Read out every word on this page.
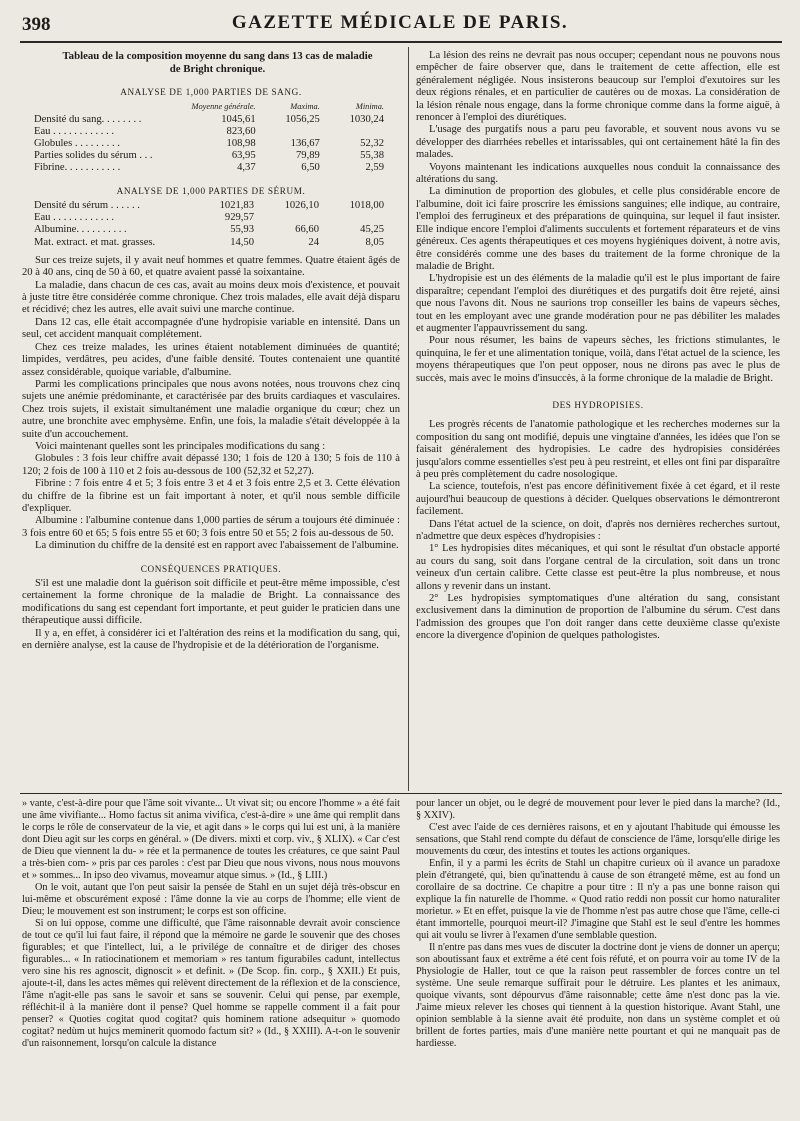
398	GAZETTE MÉDICALE DE PARIS.

Tableau de la composition moyenne du sang dans 13 cas de maladie

de Bright chronique.

ANALYSE DE 1,000 PARTIES DE SANG.
	Moyenne générale.	Maxima.	Minima.
Densité du sang. . . . . . . .	1045,61	1056,25	1030,24
Eau . . . . . . . . . . . .	823,60		
Globules . . . . . . . . .	108,98	136,67	52,32
Parties solides du sérum . . .	63,95	79,89	55,38
Fibrine. . . . . . . . . . .	4,37	6,50	2,59
ANALYSE DE 1,000 PARTIES DE SÉRUM.
Densité du sérum . . . . . .	1021,83	1026,10	1018,00
Eau . . . . . . . . . . . .	929,57		
Albumine. . . . . . . . . .	55,93	66,60	45,25
Mat. extract. et mat. grasses.	14,50	24	8,05

Sur ces treize sujets, il y avait neuf hommes et quatre femmes. Quatre étaient âgés de 20 à 40 ans, cinq de 50 à 60, et quatre avaient passé la soixantaine.

La maladie, dans chacun de ces cas, avait au moins deux mois d'existence, et pouvait à juste titre être considérée comme chronique. Chez trois malades, elle avait déjà disparu et récidivé; chez les autres, elle avait suivi une marche continue.

Dans 12 cas, elle était accompagnée d'une hydropisie variable en intensité. Dans un seul, cet accident manquait complétement.

Chez ces treize malades, les urines étaient notablement diminuées de quantité; limpides, verdâtres, peu acides, d'une faible densité. Toutes contenaient une quantité assez considérable, quoique variable, d'albumine.

Parmi les complications principales que nous avons notées, nous trouvons chez cinq sujets une anémie prédominante, et caractérisée par des bruits cardiaques et vasculaires. Chez trois sujets, il existait simultanément une maladie organique du cœur; chez un autre, une bronchite avec emphysème. Enfin, une fois, la maladie s'était développée à la suite d'un accouchement.

Voici maintenant quelles sont les principales modifications du sang :

Globules : 3 fois leur chiffre avait dépassé 130; 1 fois de 120 à 130; 5 fois de 110 à 120; 2 fois de 100 à 110 et 2 fois au-dessous de 100 (52,32 et 52,27).

Fibrine : 7 fois entre 4 et 5; 3 fois entre 3 et 4 et 3 fois entre 2,5 et 3. Cette élévation du chiffre de la fibrine est un fait important à noter, et qu'il nous semble difficile d'expliquer.

Albumine : l'albumine contenue dans 1,000 parties de sérum a toujours été diminuée : 3 fois entre 60 et 65; 5 fois entre 55 et 60; 3 fois entre 50 et 55; 2 fois au-dessous de 50.

La diminution du chiffre de la densité est en rapport avec l'abaissement de l'albumine.

CONSÉQUENCES PRATIQUES.

S'il est une maladie dont la guérison soit difficile et peut-être même impossible, c'est certainement la forme chronique de la maladie de Bright. La connaissance des modifications du sang est cependant fort importante, et peut guider le praticien dans une thérapeutique aussi difficile.

Il y a, en effet, à considérer ici et l'altération des reins et la modification du sang, qui, en dernière analyse, est la cause de l'hydropisie et de la détérioration de l'organisme.

La lésion des reins ne devrait pas nous occuper; cependant nous ne pouvons nous empêcher de faire observer que, dans le traitement de cette affection, elle est généralement négligée. Nous insisterons beaucoup sur l'emploi d'exutoires sur les deux régions rénales, et en particulier de cautères ou de moxas. La considération de la lésion rénale nous engage, dans la forme chronique comme dans la forme aiguë, à renoncer à l'emploi des diurétiques.

L'usage des purgatifs nous a paru peu favorable, et souvent nous avons vu se développer des diarrhées rebelles et intarissables, qui ont certainement hâté la fin des malades.

Voyons maintenant les indications auxquelles nous conduit la connaissance des altérations du sang.

La diminution de proportion des globules, et celle plus considérable encore de l'albumine, doit ici faire proscrire les émissions sanguines; elle indique, au contraire, l'emploi des ferrugineux et des préparations de quinquina, sur lequel il faut insister. Elle indique encore l'emploi d'aliments succulents et fortement réparateurs et de vins généreux. Ces agents thérapeutiques et ces moyens hygiéniques doivent, à notre avis, être considérés comme une des bases du traitement de la forme chronique de la maladie de Bright.

L'hydropisie est un des éléments de la maladie qu'il est le plus important de faire disparaître; cependant l'emploi des diurétiques et des purgatifs doit être rejeté, ainsi que nous l'avons dit. Nous ne saurions trop conseiller les bains de vapeurs sèches, tout en les employant avec une grande modération pour ne pas débiliter les malades et augmenter l'appauvrissement du sang.

Pour nous résumer, les bains de vapeurs sèches, les frictions stimulantes, le quinquina, le fer et une alimentation tonique, voilà, dans l'état actuel de la science, les moyens thérapeutiques que l'on peut opposer, nous ne dirons pas avec le plus de succès, mais avec le moins d'insuccès, à la forme chronique de la maladie de Bright.

DES HYDROPISIES.

Les progrès récents de l'anatomie pathologique et les recherches modernes sur la composition du sang ont modifié, depuis une vingtaine d'années, les idées que l'on se faisait généralement des hydropisies. Le cadre des hydropisies considérées jusqu'alors comme essentielles s'est peu à peu restreint, et elles ont fini par disparaître à peu près complètement du cadre nosologique.

La science, toutefois, n'est pas encore définitivement fixée à cet égard, et il reste aujourd'hui beaucoup de questions à décider. Quelques observations le démontreront facilement.

Dans l'état actuel de la science, on doit, d'après nos dernières recherches surtout, n'admettre que deux espèces d'hydropisies :

1° Les hydropisies dites mécaniques, et qui sont le résultat d'un obstacle apporté au cours du sang, soit dans l'organe central de la circulation, soit dans un tronc veineux d'un certain calibre. Cette classe est peut-être la plus nombreuse, et nous allons y revenir dans un instant.

2° Les hydropisies symptomatiques d'une altération du sang, consistant exclusivement dans la diminution de proportion de l'albumine du sérum. C'est dans l'admission des groupes que l'on doit ranger dans cette deuxième classe qu'existe encore la divergence d'opinion de quelques pathologistes.

» vante, c'est-à-dire pour que l'âme soit vivante... Ut vivat sit; ou encore l'homme » a été fait une âme vivifiante... Homo factus sit anima vivifica, c'est-à-dire » une âme qui remplit dans le corps le rôle de conservateur de la vie, et agit dans » le corps qui lui est uni, à la manière dont Dieu agit sur les corps en général. » (De divers. mixti et corp. viv., § XLIX). « Car c'est de Dieu que viennent la du- » rée et la permanence de toutes les créatures, ce que saint Paul a très-bien com- » pris par ces paroles : c'est par Dieu que nous vivons, nous nous mouvons et » sommes... In ipso deo vivamus, moveamur atque simus. » (Id., § LIII.)

On le voit, autant que l'on peut saisir la pensée de Stahl en un sujet déjà très-obscur en lui-même et obscurément exposé : l'âme donne la vie au corps de l'homme; elle vient de Dieu; le mouvement est son instrument; le corps est son officine.

Si on lui oppose, comme une difficulté, que l'âme raisonnable devrait avoir conscience de tout ce qu'il lui faut faire, il répond que la mémoire ne garde le souvenir que des choses figurables; et que l'intellect, lui, a le privilége de connaître et de diriger des choses figurables... « In ratiocinationem et memoriam » res tantum figurabiles cadunt, intellectus vero sine his res agnoscit, dignoscit » et definit. » (De Scop. fin. corp., § XXII.) Et puis, ajoute-t-il, dans les actes mêmes qui relèvent directement de la réflexion et de la conscience, l'âme n'agit-elle pas sans le savoir et sans se souvenir. Celui qui pense, par exemple, réfléchit-il à la manière dont il pense? Quel homme se rappelle comment il a fait pour penser? « Quoties cogitat quod cogitat? quis hominem ratione adsequitur » quomodo cogitat? nedùm ut hujcs meminerit quomodo factum sit? » (Id., § XXIII). A-t-on le souvenir d'un raisonnement, lorsqu'on calcule la distance

pour lancer un objet, ou le degré de mouvement pour lever le pied dans la marche? (Id., § XXIV).

C'est avec l'aide de ces dernières raisons, et en y ajoutant l'habitude qui émousse les sensations, que Stahl rend compte du défaut de conscience de l'âme, lorsqu'elle dirige les mouvements du cœur, des intestins et toutes les actions organiques.

Enfin, il y a parmi les écrits de Stahl un chapitre curieux où il avance un paradoxe plein d'étrangeté, qui, bien qu'inattendu à cause de son étrangeté même, est au fond un corollaire de sa doctrine. Ce chapitre a pour titre : Il n'y a pas une bonne raison qui explique la fin naturelle de l'homme. « Quod ratio reddi non possit cur homo naturaliter morietur. » Et en effet, puisque la vie de l'homme n'est pas autre chose que l'âme, celle-ci étant immortelle, pourquoi meurt-il? J'imagine que Stahl est le seul d'entre les hommes qui ait voulu se livrer à l'examen d'une semblable question.

Il n'entre pas dans mes vues de discuter la doctrine dont je viens de donner un aperçu; son aboutissant faux et extrême a été cent fois réfuté, et on pourra voir au tome IV de la Physiologie de Haller, tout ce que la raison peut rassembler de forces contre un tel système. Une seule remarque suffirait pour le détruire. Les plantes et les animaux, quoique vivants, sont dépourvus d'âme raisonnable; cette âme n'est donc pas la vie. J'aime mieux relever les choses qui tiennent à la question historique. Avant Stahl, une opinion semblable à la sienne avait été produite, non dans un système complet et où brillent de fortes parties, mais d'une manière nette pourtant et qui ne manquait pas de hardiesse.
